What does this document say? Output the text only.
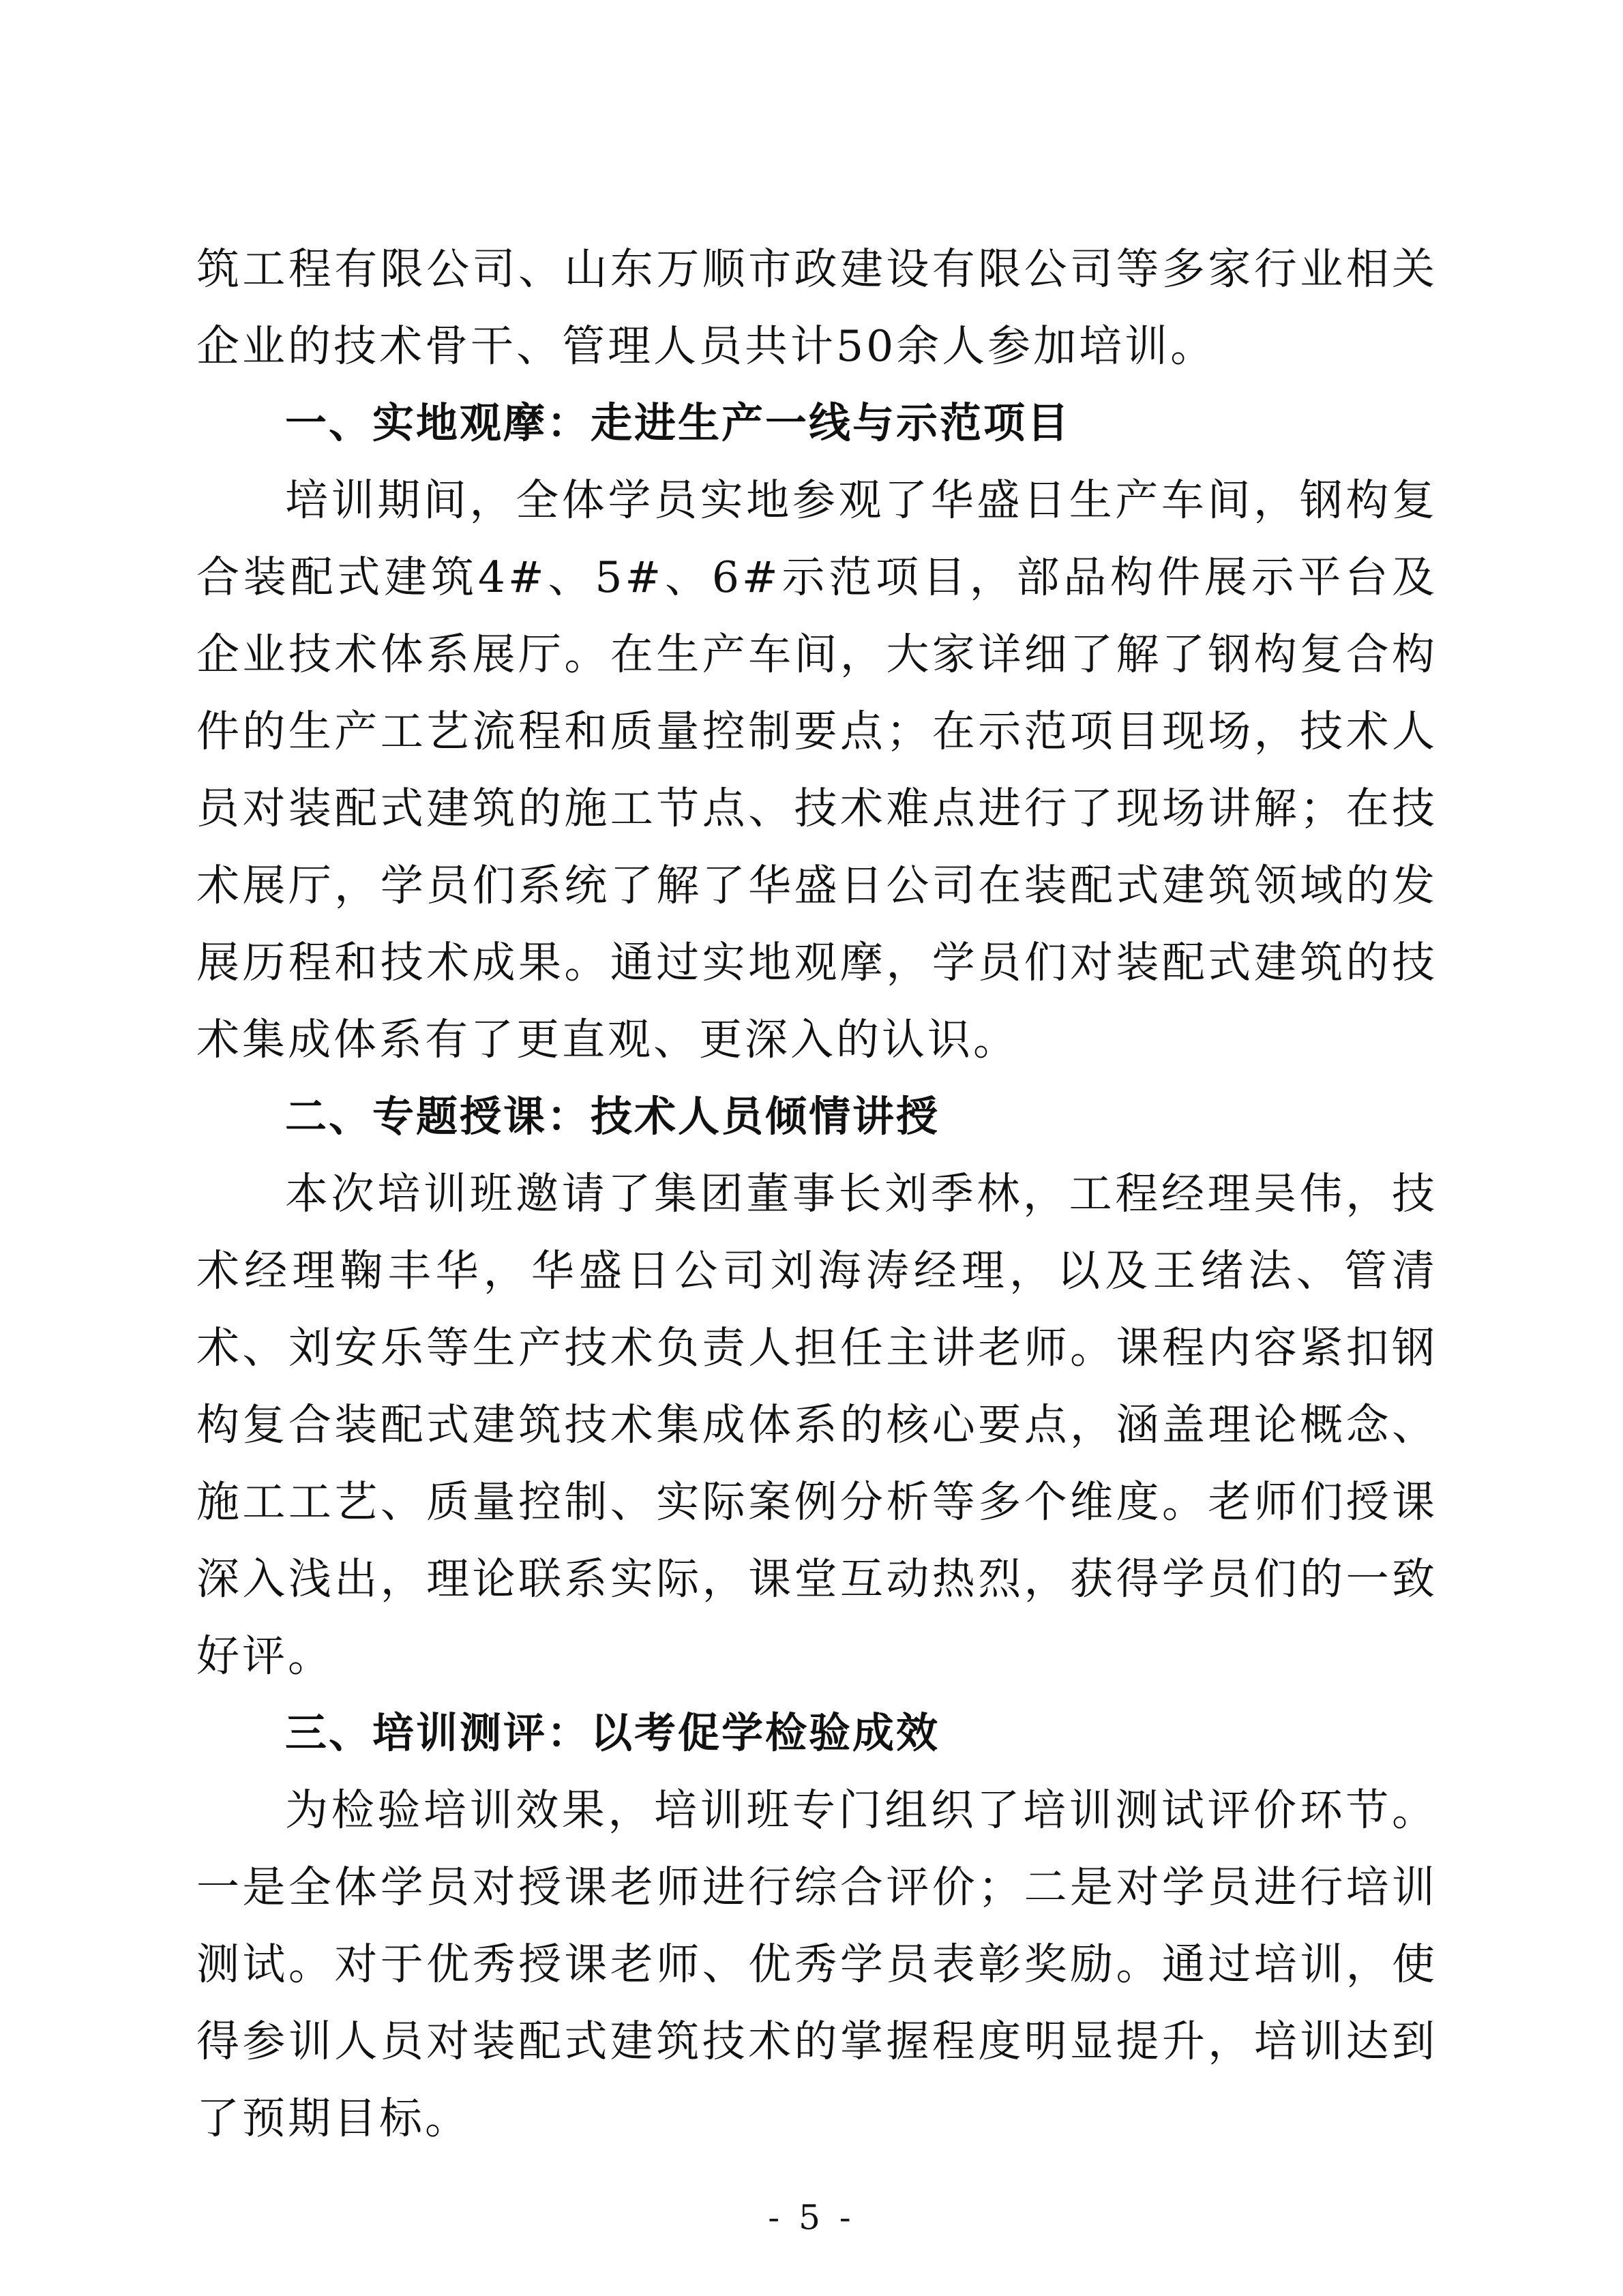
筑工程有限公司、山东万顺市政建设有限公司等多家行业相关企业的技术骨干、管理人员共计50余人参加培训。

一、实地观摩：走进生产一线与示范项目

培训期间，全体学员实地参观了华盛日生产车间，钢构复合装配式建筑4#、5#、6#示范项目，部品构件展示平台及企业技术体系展厅。在生产车间，大家详细了解了钢构复合构件的生产工艺流程和质量控制要点；在示范项目现场，技术人员对装配式建筑的施工节点、技术难点进行了现场讲解；在技术展厅，学员们系统了解了华盛日公司在装配式建筑领域的发展历程和技术成果。通过实地观摩，学员们对装配式建筑的技术集成体系有了更直观、更深入的认识。

二、专题授课：技术人员倾情讲授

本次培训班邀请了集团董事长刘季林，工程经理吴伟，技术经理鞠丰华，华盛日公司刘海涛经理，以及王绪法、管清术、刘安乐等生产技术负责人担任主讲老师。课程内容紧扣钢构复合装配式建筑技术集成体系的核心要点，涵盖理论概念、施工工艺、质量控制、实际案例分析等多个维度。老师们授课深入浅出，理论联系实际，课堂互动热烈，获得学员们的一致好评。

三、培训测评：以考促学检验成效

为检验培训效果，培训班专门组织了培训测试评价环节。一是全体学员对授课老师进行综合评价；二是对学员进行培训测试。对于优秀授课老师、优秀学员表彰奖励。通过培训，使得参训人员对装配式建筑技术的掌握程度明显提升，培训达到了预期目标。

- 5 -
